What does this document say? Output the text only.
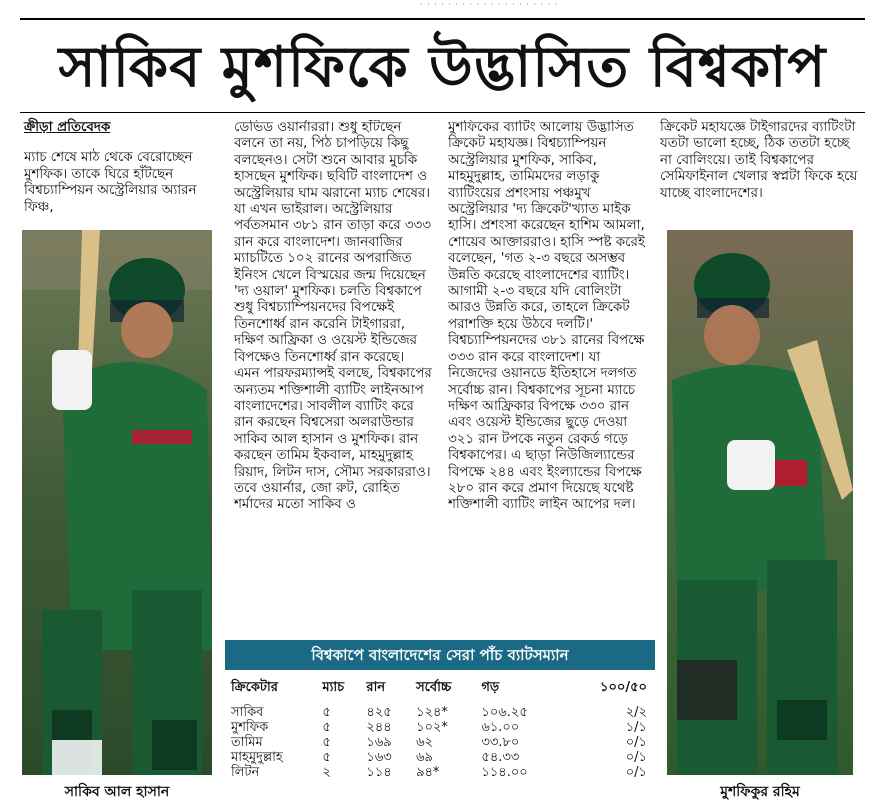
· · · · · · · · · · · · · · · · · · · ·
সাকিব মুশফিকে উদ্ভাসিত বিশ্বকাপ

ক্রীড়া প্রতিবেদক

ম্যাচ শেষে মাঠ থেকে বেরোচ্ছেন মুশফিক। তাকে ঘিরে হাঁটছেন বিশ্বচ্যাম্পিয়ন অস্ট্রেলিয়ার অ্যারন ফিঞ্চ,

ডেভিড ওয়ার্নাররা। শুধু হাঁটছেন বলনে তা নয়, পিঠ চাপড়িয়ে কিছু বলছেনও। সেটা শুনে আবার মুচকি হাসছেন মুশফিক। ছবিটি বাংলাদেশ ও অস্ট্রেলিয়ার ঘাম ঝরানো ম্যাচ শেষের। যা এখন ভাইরাল। অস্ট্রেলিয়ার পর্বতসমান ৩৮১ রান তাড়া করে ৩৩৩ রান করে বাংলাদেশ। জানবাজির ম্যাচটিতে ১০২ রানের অপরাজিত ইনিংস খেলে বিস্ময়ের জন্ম দিয়েছেন 'দ্য ওয়াল' মুশফিক। চলতি বিশ্বকাপে শুধু বিশ্বচ্যাম্পিয়নদের বিপক্ষেই তিনশোর্ধ্ব রান করেনি টাইগাররা, দক্ষিণ আফ্রিকা ও ওয়েস্ট ইন্ডিজের বিপক্ষেও তিনশোর্ধ্ব রান করেছে। এমন পারফরম্যান্সই বলছে, বিশ্বকাপের অন্যতম শক্তিশালী ব্যাটিং লাইনআপ বাংলাদেশের। সাবলীল ব্যাটিং করে রান করছেন বিশ্বসেরা অলরাউন্ডার সাকিব আল হাসান ও মুশফিক। রান করছেন তামিম ইকবাল, মাহমুদুল্লাহ রিয়াদ, লিটন দাস, সৌম্য সরকাররাও। তবে ওয়ার্নার, জো রুট, রোহিত শর্মাদের মতো সাকিব ও

মুশফিকের ব্যাটিং আলোয় উদ্ভাসিত ক্রিকেট মহাযজ্ঞ। বিশ্বচ্যাম্পিয়ন অস্ট্রেলিয়ার মুশফিক, সাকিব, মাহমুদুল্লাহ, তামিমদের লড়াকু ব্যাটিংয়ের প্রশংসায় পঞ্চমুখ অস্ট্রেলিয়ার 'দ্য ক্রিকেট'খ্যাত মাইক হাসি। প্রশংসা করেছেন হাশিম আমলা, শোয়েব আক্তাররাও। হাসি স্পষ্ট করেই বলেছেন, 'গত ২-৩ বছরে অসম্ভব উন্নতি করেছে বাংলাদেশের ব্যাটিং। আগামী ২-৩ বছরে যদি বোলিংটা আরও উন্নতি করে, তাহলে ক্রিকেট পরাশক্তি হয়ে উঠবে দলটি।' বিশ্বচ্যাম্পিয়নদের ৩৮১ রানের বিপক্ষে ৩৩৩ রান করে বাংলাদেশ। যা নিজেদের ওয়ানডে ইতিহাসে দলগত সর্বোচ্চ রান। বিশ্বকাপের সূচনা ম্যাচে দক্ষিণ আফ্রিকার বিপক্ষে ৩৩০ রান এবং ওয়েস্ট ইন্ডিজের ছুড়ে দেওয়া ৩২১ রান টপকে নতুন রেকর্ড গড়ে বিশ্বকাপের। এ ছাড়া নিউজিল্যান্ডের বিপক্ষে ২৪৪ এবং ইংল্যান্ডের বিপক্ষে ২৮০ রান করে প্রমাণ দিয়েছে যথেষ্ট শক্তিশালী ব্যাটিং লাইন আপের দল।

ক্রিকেট মহাযজ্ঞে টাইগারদের ব্যাটিংটা যতটা ভালো হচ্ছে, ঠিক ততটা হচ্ছে না বোলিংয়ে। তাই বিশ্বকাপের সেমিফাইনাল খেলার স্বপ্নটা ফিকে হয়ে যাচ্ছে বাংলাদেশের।

সাকিব আল হাসান	মুশফিকুর রহিম
বিশ্বকাপে বাংলাদেশের সেরা পাঁচ ব্যাটসম্যান
ক্রিকেটার	ম্যাচ	রান	সর্বোচ্চ	গড়	১০০/৫০
সাকিব	৫	৪২৫	১২৪*	১০৬.২৫	২/২
মুশফিক	৫	২৪৪	১০২*	৬১.০০	১/১
তামিম	৫	১৬৯	৬২	৩৩.৮০	০/১
মাহমুদুল্লাহ	৫	১৬৩	৬৯	৫৪.৩৩	০/১
লিটন	২	১১৪	৯৪*	১১৪.০০	০/১
